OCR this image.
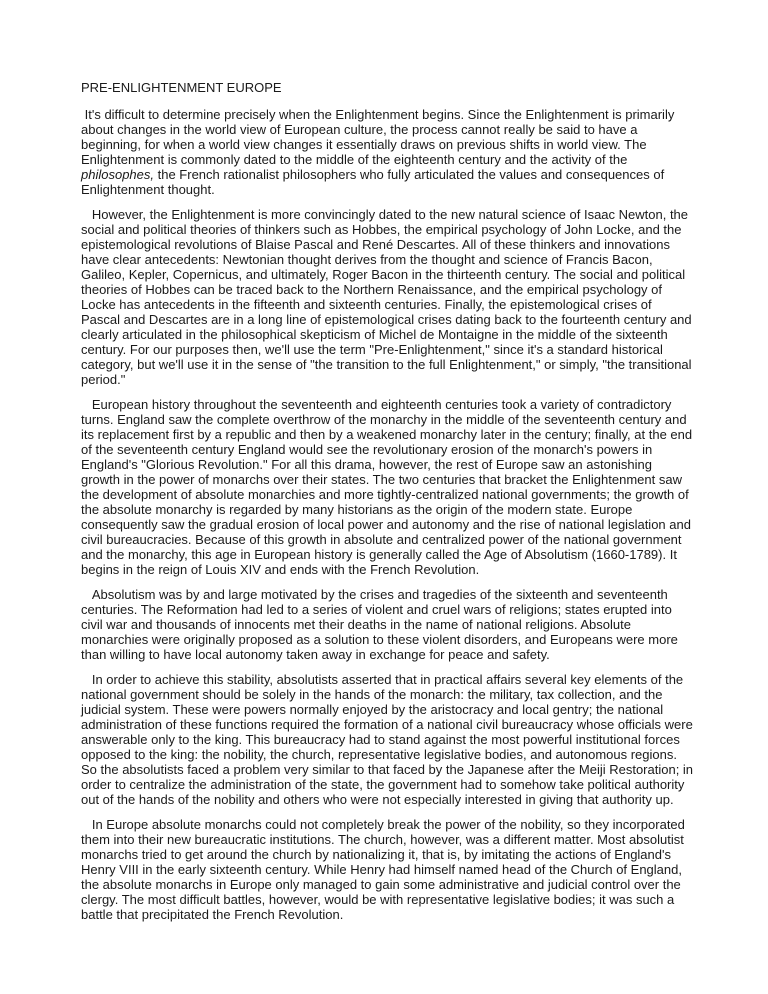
PRE-ENLIGHTENMENT EUROPE

It's difficult to determine precisely when the Enlightenment begins. Since the Enlightenment is primarily about changes in the world view of European culture, the process cannot really be said to have a beginning, for when a world view changes it essentially draws on previous shifts in world view. The Enlightenment is commonly dated to the middle of the eighteenth century and the activity of the philosophes, the French rationalist philosophers who fully articulated the values and consequences of Enlightenment thought.

However, the Enlightenment is more convincingly dated to the new natural science of Isaac Newton, the social and political theories of thinkers such as Hobbes, the empirical psychology of John Locke, and the epistemological revolutions of Blaise Pascal and René Descartes. All of these thinkers and innovations have clear antecedents: Newtonian thought derives from the thought and science of Francis Bacon, Galileo, Kepler, Copernicus, and ultimately, Roger Bacon in the thirteenth century. The social and political theories of Hobbes can be traced back to the Northern Renaissance, and the empirical psychology of Locke has antecedents in the fifteenth and sixteenth centuries. Finally, the epistemological crises of Pascal and Descartes are in a long line of epistemological crises dating back to the fourteenth century and clearly articulated in the philosophical skepticism of Michel de Montaigne in the middle of the sixteenth century. For our purposes then, we'll use the term "Pre-Enlightenment," since it's a standard historical category, but we'll use it in the sense of "the transition to the full Enlightenment," or simply, "the transitional period."

European history throughout the seventeenth and eighteenth centuries took a variety of contradictory turns. England saw the complete overthrow of the monarchy in the middle of the seventeenth century and its replacement first by a republic and then by a weakened monarchy later in the century; finally, at the end of the seventeenth century England would see the revolutionary erosion of the monarch's powers in England's "Glorious Revolution." For all this drama, however, the rest of Europe saw an astonishing growth in the power of monarchs over their states. The two centuries that bracket the Enlightenment saw the development of absolute monarchies and more tightly-centralized national governments; the growth of the absolute monarchy is regarded by many historians as the origin of the modern state. Europe consequently saw the gradual erosion of local power and autonomy and the rise of national legislation and civil bureaucracies. Because of this growth in absolute and centralized power of the national government and the monarchy, this age in European history is generally called the Age of Absolutism (1660-1789). It begins in the reign of Louis XIV and ends with the French Revolution.

Absolutism was by and large motivated by the crises and tragedies of the sixteenth and seventeenth centuries. The Reformation had led to a series of violent and cruel wars of religions; states erupted into civil war and thousands of innocents met their deaths in the name of national religions. Absolute monarchies were originally proposed as a solution to these violent disorders, and Europeans were more than willing to have local autonomy taken away in exchange for peace and safety.

In order to achieve this stability, absolutists asserted that in practical affairs several key elements of the national government should be solely in the hands of the monarch: the military, tax collection, and the judicial system. These were powers normally enjoyed by the aristocracy and local gentry; the national administration of these functions required the formation of a national civil bureaucracy whose officials were answerable only to the king. This bureaucracy had to stand against the most powerful institutional forces opposed to the king: the nobility, the church, representative legislative bodies, and autonomous regions. So the absolutists faced a problem very similar to that faced by the Japanese after the Meiji Restoration; in order to centralize the administration of the state, the government had to somehow take political authority out of the hands of the nobility and others who were not especially interested in giving that authority up.

In Europe absolute monarchs could not completely break the power of the nobility, so they incorporated them into their new bureaucratic institutions. The church, however, was a different matter. Most absolutist monarchs tried to get around the church by nationalizing it, that is, by imitating the actions of England's Henry VIII in the early sixteenth century. While Henry had himself named head of the Church of England, the absolute monarchs in Europe only managed to gain some administrative and judicial control over the clergy. The most difficult battles, however, would be with representative legislative bodies; it was such a battle that precipitated the French Revolution.
